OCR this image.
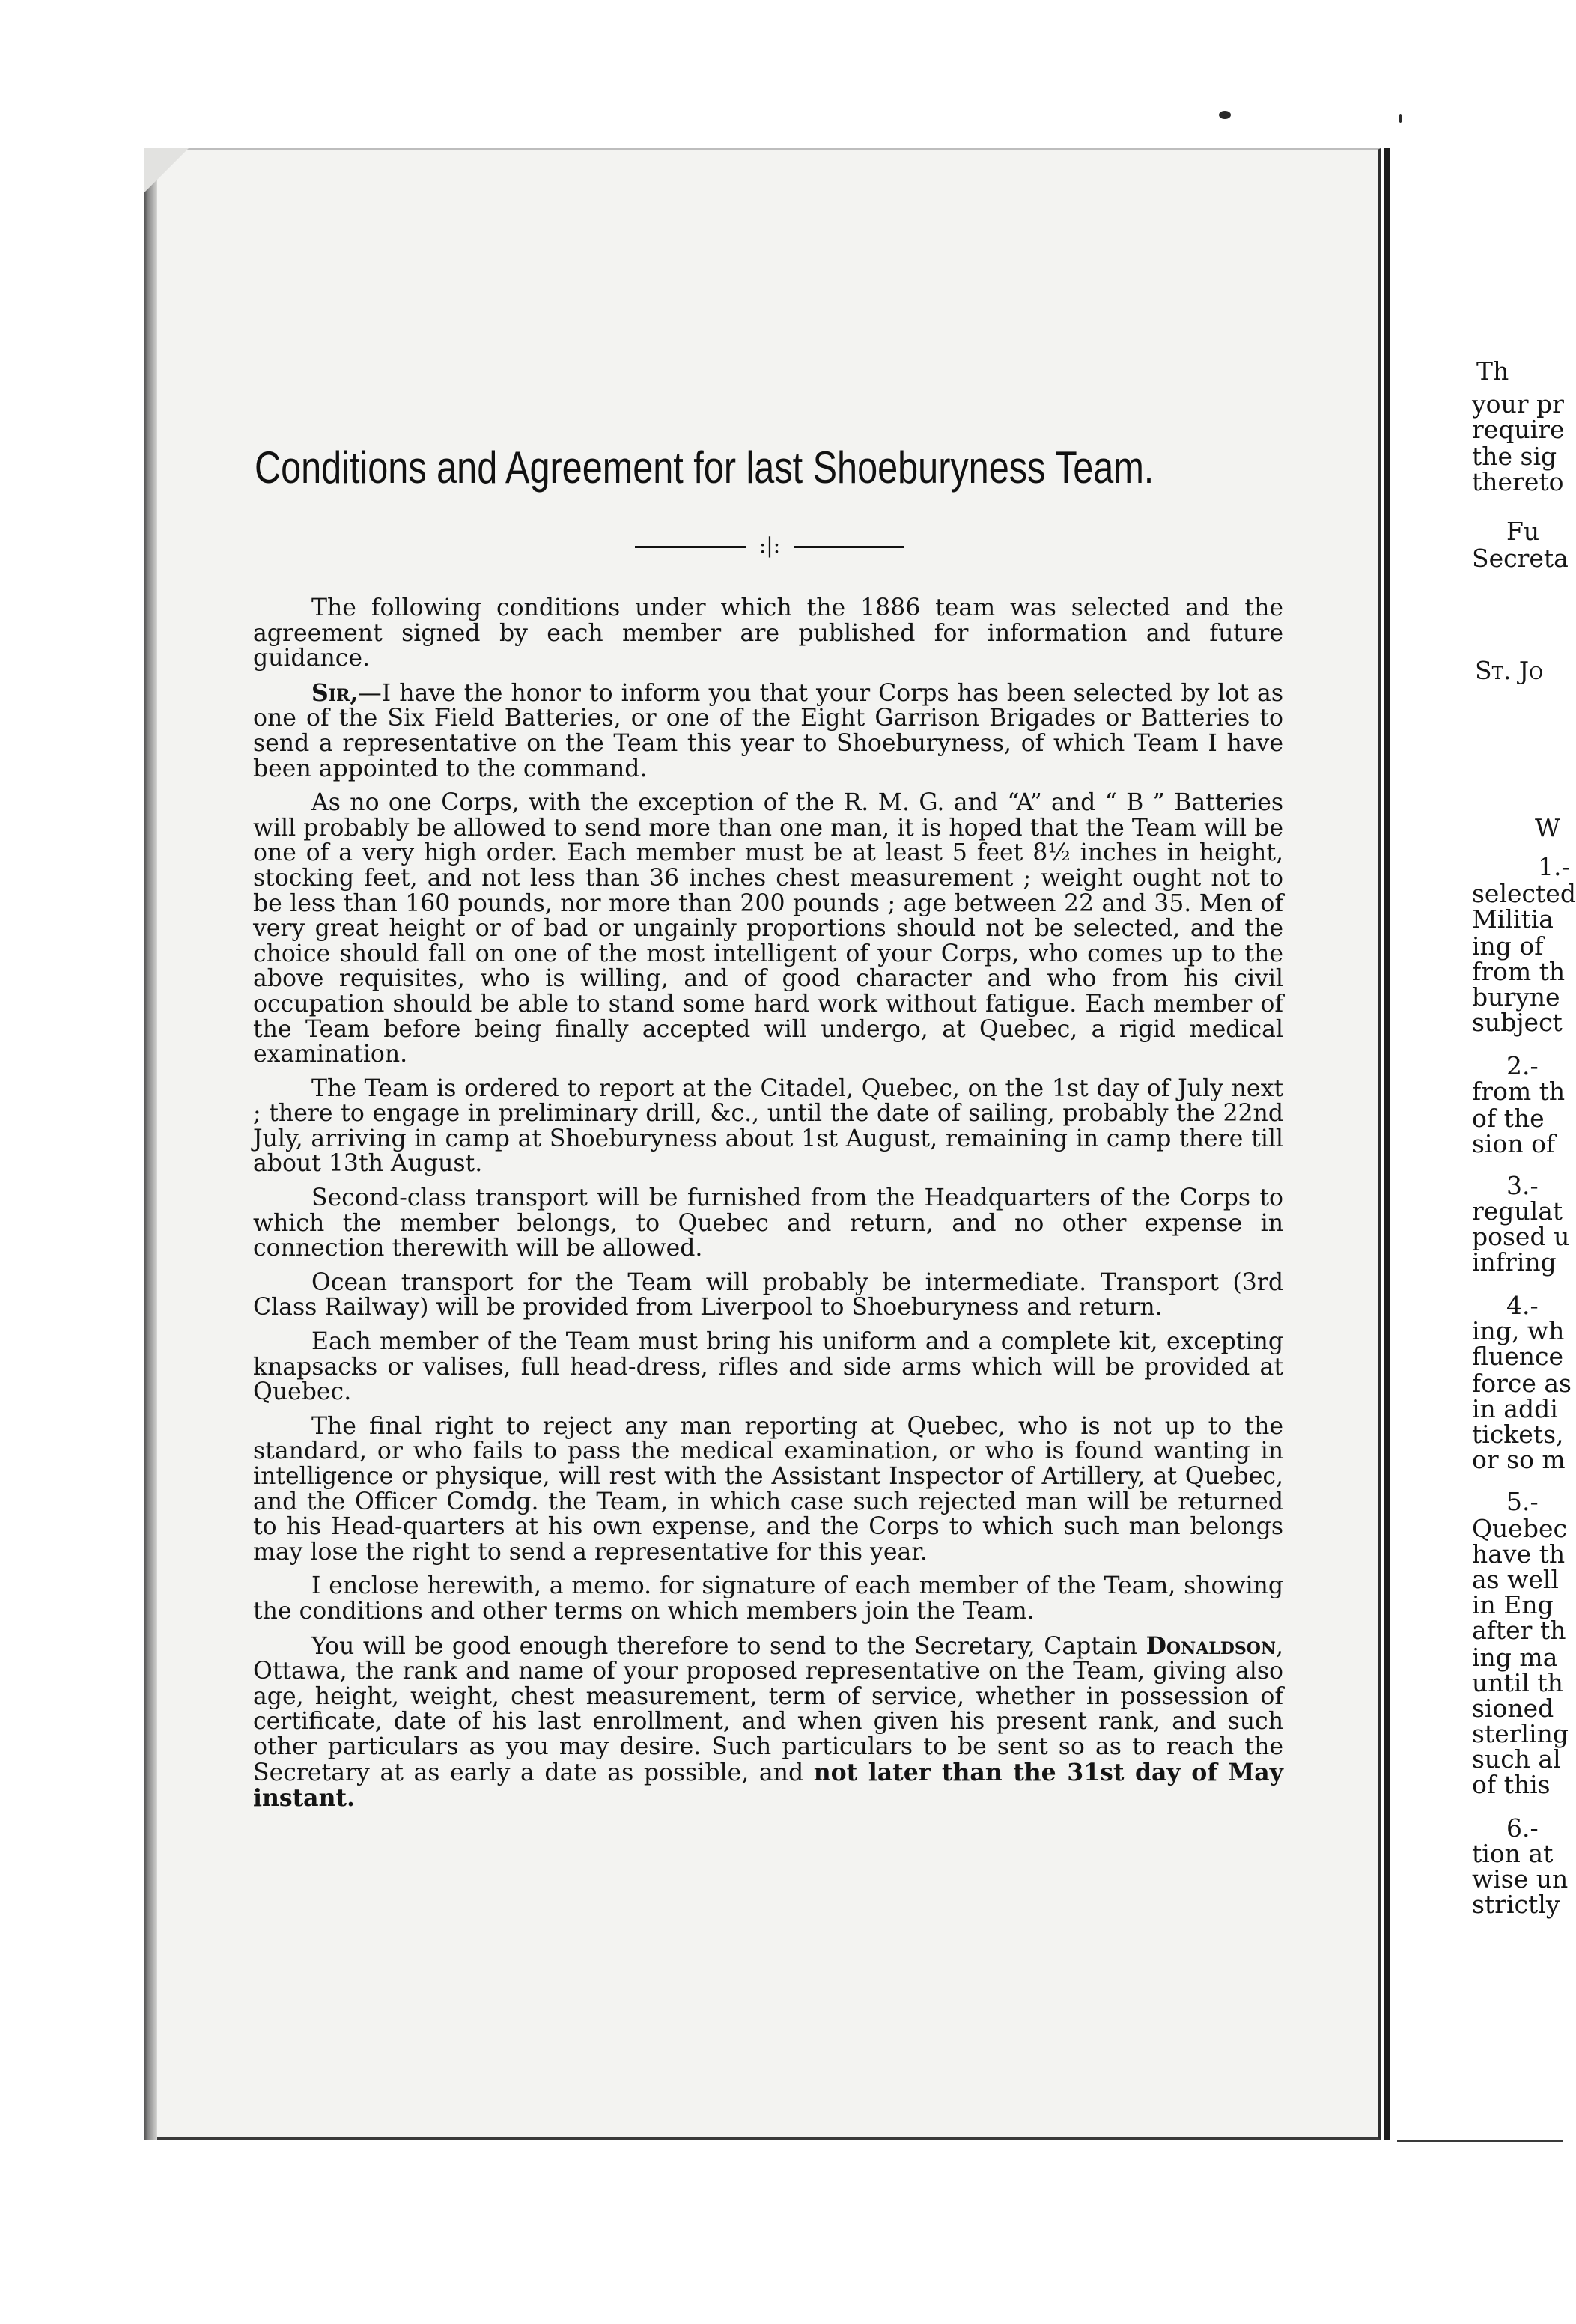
Th
your pr
require
the sig
thereto
Fu
Secreta
St. Jo
W
1.-
selected
Militia
ing of
from th
buryne
subject
2.-
from th
of the
sion of
3.-
regulat
posed u
infring
4.-
ing, wh
fluence
force as
in addi
tickets,
or so m
5.-
Quebec
have th
as well
in Eng
after th
ing ma
until th
sioned
sterling
such al
of this
6.-
tion at
wise un
strictly
Conditions and Agreement for last Shoeburyness Team.
:|:

The following conditions under which the 1886 team was selected and the agreement signed by each member are published for information and future guidance.

Sir,—I have the honor to inform you that your Corps has been selected by lot as one of the Six Field Batteries, or one of the Eight Garrison Brigades or Batteries to send a representative on the Team this year to Shoeburyness, of which Team I have been appointed to the command.

As no one Corps, with the exception of the R. M. G. and “A” and “ B ” Batteries will probably be allowed to send more than one man, it is hoped that the Team will be one of a very high order. Each member must be at least 5 feet 8½ inches in height, stocking feet, and not less than 36 inches chest measurement ; weight ought not to be less than 160 pounds, nor more than 200 pounds ; age between 22 and 35. Men of very great height or of bad or ungainly proportions should not be selected, and the choice should fall on one of the most intelligent of your Corps, who comes up to the above requisites, who is willing, and of good character and who from his civil occupation should be able to stand some hard work without fatigue. Each member of the Team before being finally accepted will undergo, at Quebec, a rigid medical examination.

The Team is ordered to report at the Citadel, Quebec, on the 1st day of July next ; there to engage in preliminary drill, &c., until the date of sailing, probably the 22nd July, arriving in camp at Shoeburyness about 1st August, remaining in camp there till about 13th August.

Second-class transport will be furnished from the Headquarters of the Corps to which the member belongs, to Quebec and return, and no other expense in connection therewith will be allowed.

Ocean transport for the Team will probably be intermediate. Transport (3rd Class Railway) will be provided from Liverpool to Shoeburyness and return.

Each member of the Team must bring his uniform and a complete kit, excepting knapsacks or valises, full head-dress, rifles and side arms which will be provided at Quebec.

The final right to reject any man reporting at Quebec, who is not up to the standard, or who fails to pass the medical examination, or who is found wanting in intelligence or physique, will rest with the Assistant Inspector of Artillery, at Quebec, and the Officer Comdg. the Team, in which case such rejected man will be returned to his Head-quarters at his own expense, and the Corps to which such man belongs may lose the right to send a representative for this year.

I enclose herewith, a memo. for signature of each member of the Team, showing the conditions and other terms on which members join the Team.

You will be good enough therefore to send to the Secretary, Captain Donaldson, Ottawa, the rank and name of your proposed representative on the Team, giving also age, height, weight, chest measurement, term of service, whether in possession of certificate, date of his last enrollment, and when given his present rank, and such other particulars as you may desire. Such particulars to be sent so as to reach the Secretary at as early a date as possible, and not later than the 31st day of May instant.
